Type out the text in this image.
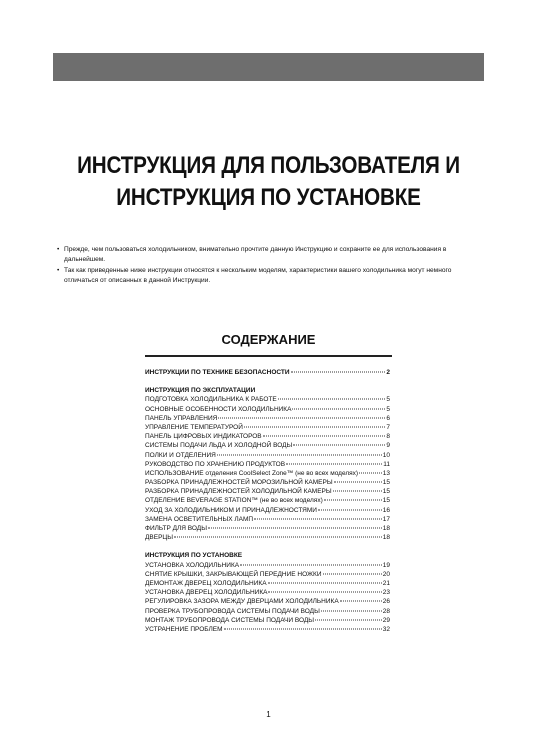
ИНСТРУКЦИЯ ДЛЯ ПОЛЬЗОВАТЕЛЯ И
ИНСТРУКЦИЯ ПО УСТАНОВКЕ
• Прежде, чем пользоваться холодильником, внимательно прочтите данную Инструкцию и сохраните ее для использования в дальнейшем.
• Так как приведенные ниже инструкции относятся к нескольким моделям, характеристики вашего холодильника могут немного отличаться от описанных в данной Инструкции.
СОДЕРЖАНИЕ
ИНСТРУКЦИИ ПО ТЕХНИКЕ БЕЗОПАСНОСТИ	2
ИНСТРУКЦИЯ ПО ЭКСПЛУАТАЦИИ
ПОДГОТОВКА ХОЛОДИЛЬНИКА К РАБОТЕ	5
ОСНОВНЫЕ ОСОБЕННОСТИ ХОЛОДИЛЬНИКА	5
ПАНЕЛЬ УПРАВЛЕНИЯ	6
УПРАВЛЕНИЕ ТЕМПЕРАТУРОЙ	7
ПАНЕЛЬ ЦИФРОВЫХ ИНДИКАТОРОВ	8
СИСТЕМЫ ПОДАЧИ ЛЬДА И ХОЛОДНОЙ ВОДЫ	9
ПОЛКИ И ОТДЕЛЕНИЯ	10
РУКОВОДСТВО ПО ХРАНЕНИЮ ПРОДУКТОВ	11
ИСПОЛЬЗОВАНИЕ отделения CoolSelect Zone™ (не во всех моделях)	13
РАЗБОРКА ПРИНАДЛЕЖНОСТЕЙ МОРОЗИЛЬНОЙ КАМЕРЫ	15
РАЗБОРКА ПРИНАДЛЕЖНОСТЕЙ ХОЛОДИЛЬНОЙ КАМЕРЫ	15
ОТДЕЛЕНИЕ BEVERAGE STATION™ (не во всех моделях)	15
УХОД ЗА ХОЛОДИЛЬНИКОМ И ПРИНАДЛЕЖНОСТЯМИ	16
ЗАМЕНА ОСВЕТИТЕЛЬНЫХ ЛАМП	17
ФИЛЬТР ДЛЯ ВОДЫ	18
ДВЕРЦЫ	18
ИНСТРУКЦИЯ ПО УСТАНОВКЕ
УСТАНОВКА ХОЛОДИЛЬНИКА	19
СНЯТИЕ КРЫШКИ, ЗАКРЫВАЮЩЕЙ ПЕРЕДНИЕ НОЖКИ	20
ДЕМОНТАЖ ДВЕРЕЦ ХОЛОДИЛЬНИКА	21
УСТАНОВКА ДВЕРЕЦ ХОЛОДИЛЬНИКА	23
РЕГУЛИРОВКА ЗАЗОРА МЕЖДУ ДВЕРЦАМИ ХОЛОДИЛЬНИКА	26
ПРОВЕРКА ТРУБОПРОВОДА СИСТЕМЫ ПОДАЧИ ВОДЫ	28
МОНТАЖ ТРУБОПРОВОДА СИСТЕМЫ ПОДАЧИ ВОДЫ	29
УСТРАНЕНИЕ ПРОБЛЕМ	32
1
